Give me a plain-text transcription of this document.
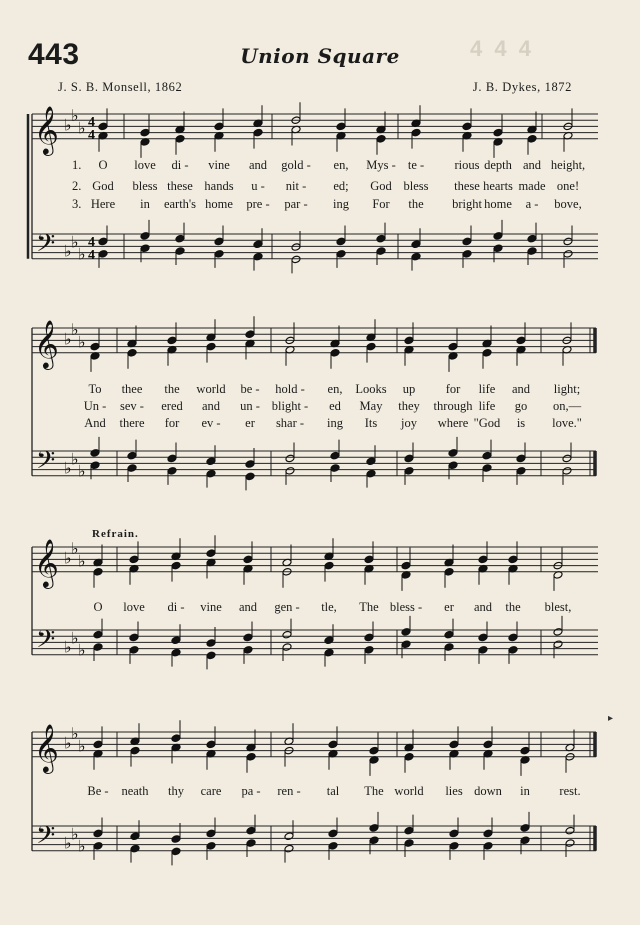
4 4 4
443	Union Square
J. S. B. Monsell, 1862	J. B. Dykes, 1872
Refrain.
▸
𝄞
𝄢
♭
♭
♭
♭
♭
♭
4
4
4
4
𝄞
𝄢
♭
♭
♭
♭
♭
♭
𝄞
𝄢
♭
♭
♭
♭
♭
♭
𝄞
𝄢
♭
♭
♭
♭
♭
♭
1. O love di - vine and gold - en, Mys - te - rious depth and height,
2. God bless these hands u - nit - ed; God bless these hearts made one!
3. Here in earth's home pre - par - ing For the bright home a - bove,
To thee the world be - hold - en, Looks up for life and light;
Un - sev - ered and un - blight - ed May they through life go on,—
And there for ev - er shar - ing Its joy where "God is love."
O love di - vine and gen - tle, The bless - er and the blest,
Be - neath thy care pa - ren - tal The world lies down in rest.
